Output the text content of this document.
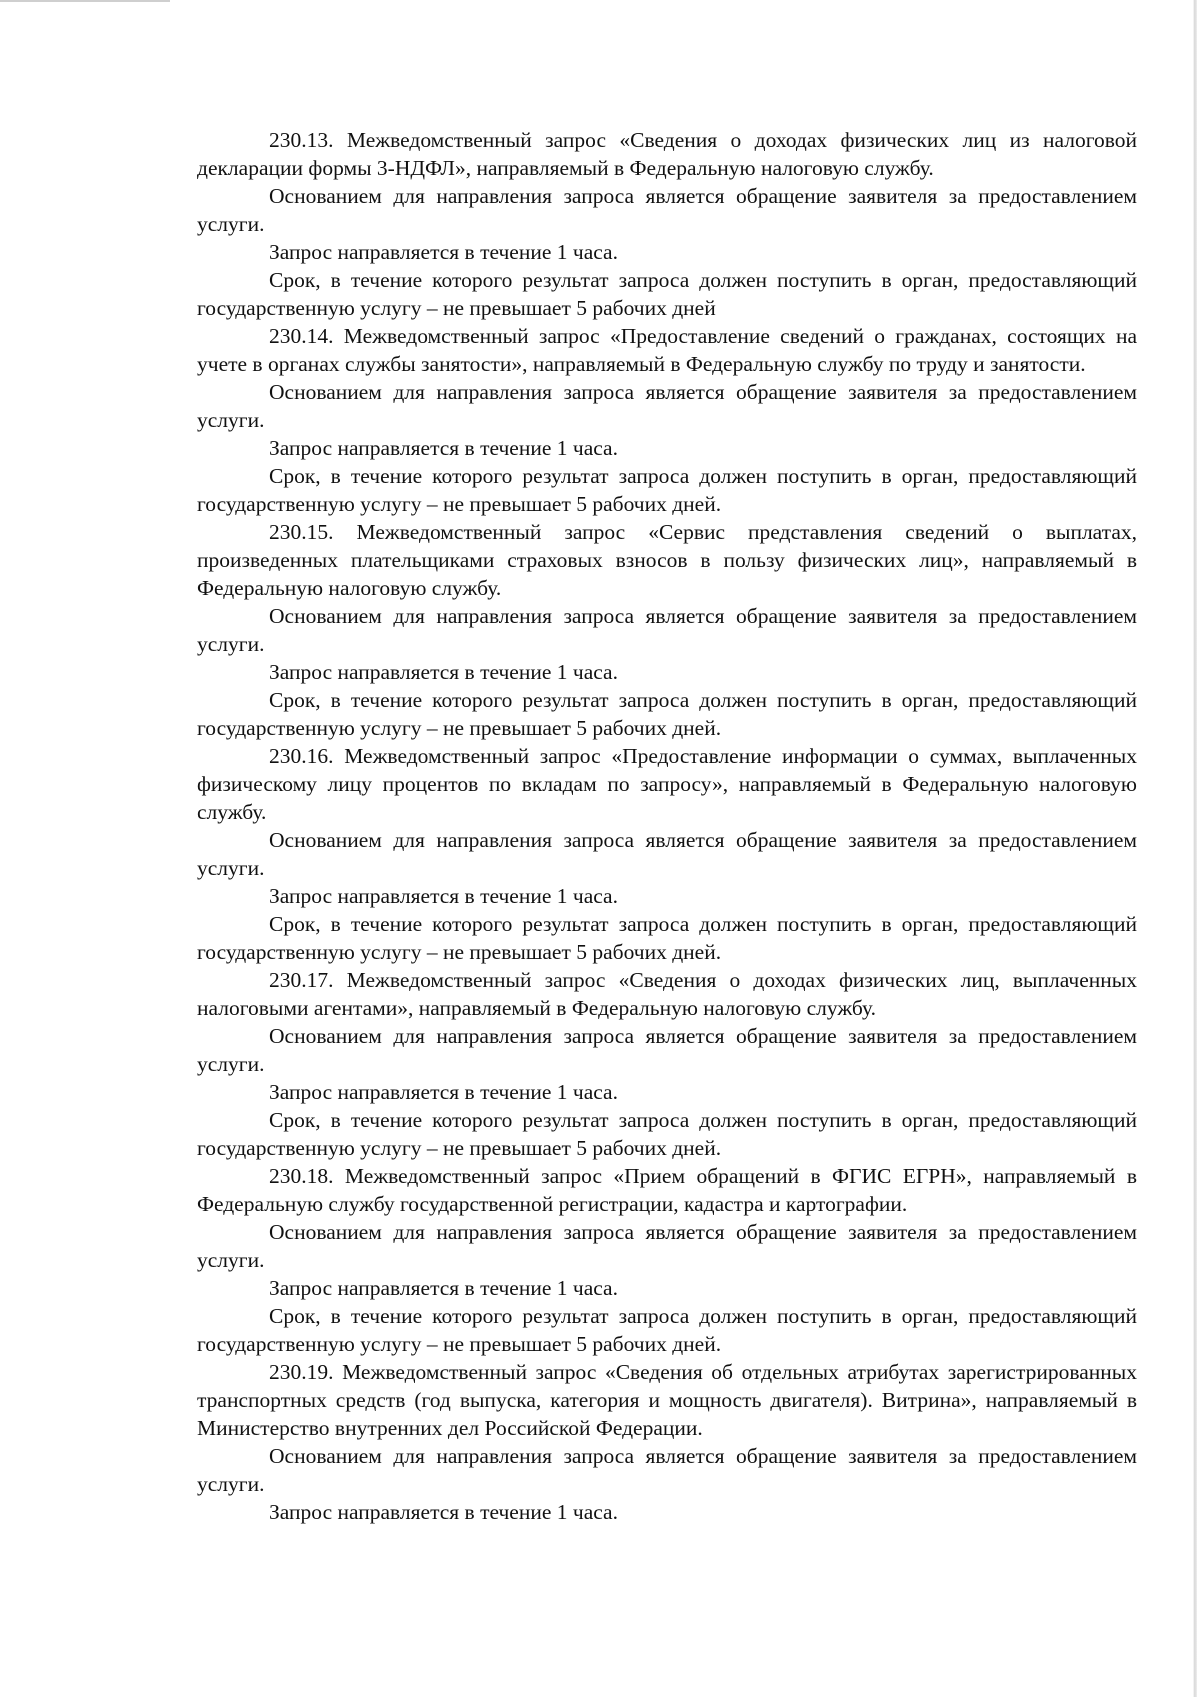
230.13. Межведомственный запрос «Сведения о доходах физических лиц из налоговой декларации формы 3-НДФЛ», направляемый в Федеральную налоговую службу.

Основанием для направления запроса является обращение заявителя за предоставлением услуги.

Запрос направляется в течение 1 часа.

Срок, в течение которого результат запроса должен поступить в орган, предоставляющий государственную услугу – не превышает 5 рабочих дней

230.14. Межведомственный запрос «Предоставление сведений о гражданах, состоящих на учете в органах службы занятости», направляемый в Федеральную службу по труду и занятости.

Основанием для направления запроса является обращение заявителя за предоставлением услуги.

Запрос направляется в течение 1 часа.

Срок, в течение которого результат запроса должен поступить в орган, предоставляющий государственную услугу – не превышает 5 рабочих дней.

230.15. Межведомственный запрос «Сервис представления сведений о выплатах, произведенных плательщиками страховых взносов в пользу физических лиц», направляемый в Федеральную налоговую службу.

Основанием для направления запроса является обращение заявителя за предоставлением услуги.

Запрос направляется в течение 1 часа.

Срок, в течение которого результат запроса должен поступить в орган, предоставляющий государственную услугу – не превышает 5 рабочих дней.

230.16. Межведомственный запрос «Предоставление информации о суммах, выплаченных физическому лицу процентов по вкладам по запросу», направляемый в Федеральную налоговую службу.

Основанием для направления запроса является обращение заявителя за предоставлением услуги.

Запрос направляется в течение 1 часа.

Срок, в течение которого результат запроса должен поступить в орган, предоставляющий государственную услугу – не превышает 5 рабочих дней.

230.17. Межведомственный запрос «Сведения о доходах физических лиц, выплаченных налоговыми агентами», направляемый в Федеральную налоговую службу.

Основанием для направления запроса является обращение заявителя за предоставлением услуги.

Запрос направляется в течение 1 часа.

Срок, в течение которого результат запроса должен поступить в орган, предоставляющий государственную услугу – не превышает 5 рабочих дней.

230.18. Межведомственный запрос «Прием обращений в ФГИС ЕГРН», направляемый в Федеральную службу государственной регистрации, кадастра и картографии.

Основанием для направления запроса является обращение заявителя за предоставлением услуги.

Запрос направляется в течение 1 часа.

Срок, в течение которого результат запроса должен поступить в орган, предоставляющий государственную услугу – не превышает 5 рабочих дней.

230.19. Межведомственный запрос «Сведения об отдельных атрибутах зарегистрированных транспортных средств (год выпуска, категория и мощность двигателя). Витрина», направляемый в Министерство внутренних дел Российской Федерации.

Основанием для направления запроса является обращение заявителя за предоставлением услуги.

Запрос направляется в течение 1 часа.
